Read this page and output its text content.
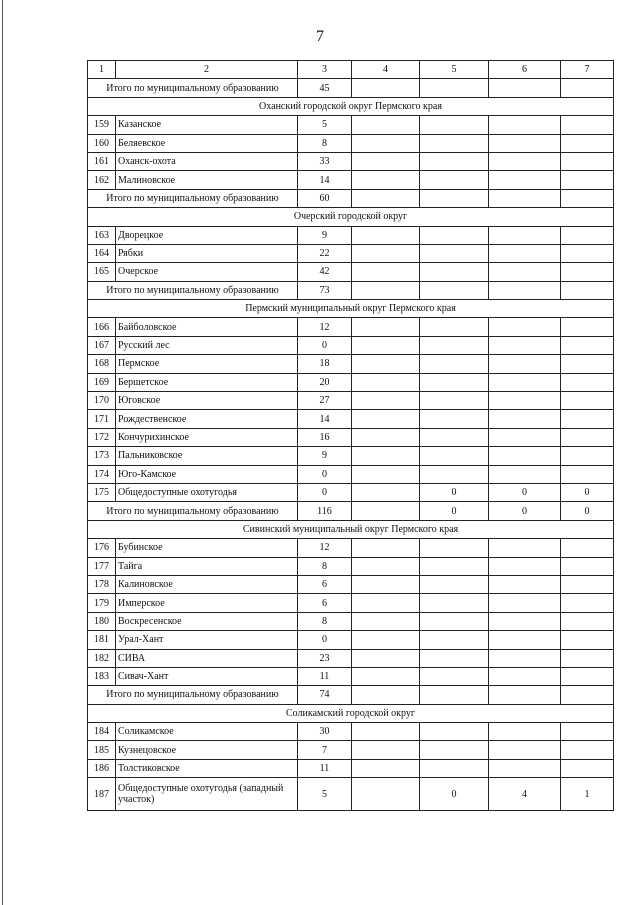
7
1	2	3	4	5	6	7
Итого по муниципальному образованию		45				
Оханский городской округ Пермского края						
159	Казанское	5				
160	Беляевское	8				
161	Оханск-охота	33				
162	Малиновское	14				
Итого по муниципальному образованию		60				
Очерский городской округ						
163	Дворецкое	9				
164	Рябки	22				
165	Очерское	42				
Итого по муниципальному образованию		73				
Пермский муниципальный округ Пермского края						
166	Байболовское	12				
167	Русский лес	0				
168	Пермское	18				
169	Бершетское	20				
170	Юговское	27				
171	Рождественское	14				
172	Кончурихинское	16				
173	Пальниковское	9				
174	Юго-Камское	0				
175	Общедоступные охотугодья	0		0	0	0
Итого по муниципальному образованию		116		0	0	0
Сивинский муниципальный округ Пермского края						
176	Бубинское	12				
177	Тайга	8				
178	Калиновское	6				
179	Имперское	6				
180	Воскресенское	8				
181	Урал-Хант	0				
182	СИВА	23				
183	Сивач-Хант	11				
Итого по муниципальному образованию		74				
Соликамский городской округ						
184	Соликамское	30				
185	Кузнецовское	7				
186	Толстиковское	11				
187	Общедоступные охотугодья (западный участок)	5		0	4	1
